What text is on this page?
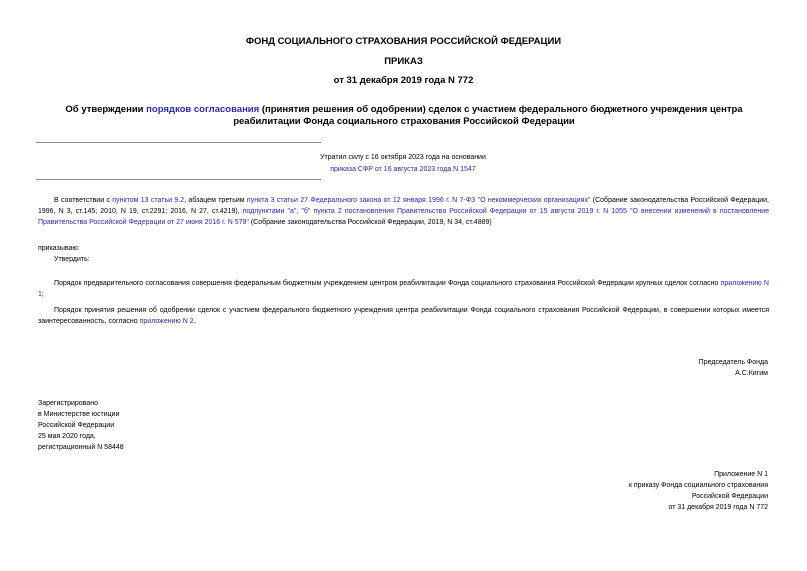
ФОНД СОЦИАЛЬНОГО СТРАХОВАНИЯ РОССИЙСКОЙ ФЕДЕРАЦИИ
ПРИКАЗ
от 31 декабря 2019 года N 772
Об утверждении порядков согласования (принятия решения об одобрении) сделок с участием федерального бюджетного учреждения центра реабилитации Фонда социального страхования Российской Федерации
Утратил силу с 16 октября 2023 года на основании
приказа СФР от 16 августа 2023 года N 1547
В соответствии с пунктом 13 статьи 9.2, абзацем третьим пункта 3 статьи 27 Федерального закона от 12 января 1996 г. N 7-ФЗ "О некоммерческих организациях" (Собрание законодательства Российской Федерации, 1996, N 3, ст.145; 2010, N 19, ст.2291; 2016, N 27, ст.4219), подпунктами "а", "б" пункта 2 постановления Правительства Российской Федерации от 15 августа 2019 г. N 1055 "О внесении изменений в постановление Правительства Российской Федерации от 27 июня 2016 г. N 579" (Собрание законодательства Российской Федерации, 2019, N 34, ст.4889)
приказываю:
Утвердить:
Порядок предварительного согласования совершения федеральным бюджетным учреждением центром реабилитации Фонда социального страхования Российской Федерации крупных сделок согласно приложению N 1;
Порядок принятия решения об одобрении сделок с участием федерального бюджетного учреждения центра реабилитации Фонда социального страхования Российской Федерации, в совершении которых имеется заинтересованность, согласно приложению N 2.
Председатель Фонда
А.С.Кигим
Зарегистрировано
в Министерстве юстиции
Российской Федерации
25 мая 2020 года,
регистрационный N 58448
Приложение N 1
к приказу Фонда социального страхования
Российской Федерации
от 31 декабря 2019 года N 772
